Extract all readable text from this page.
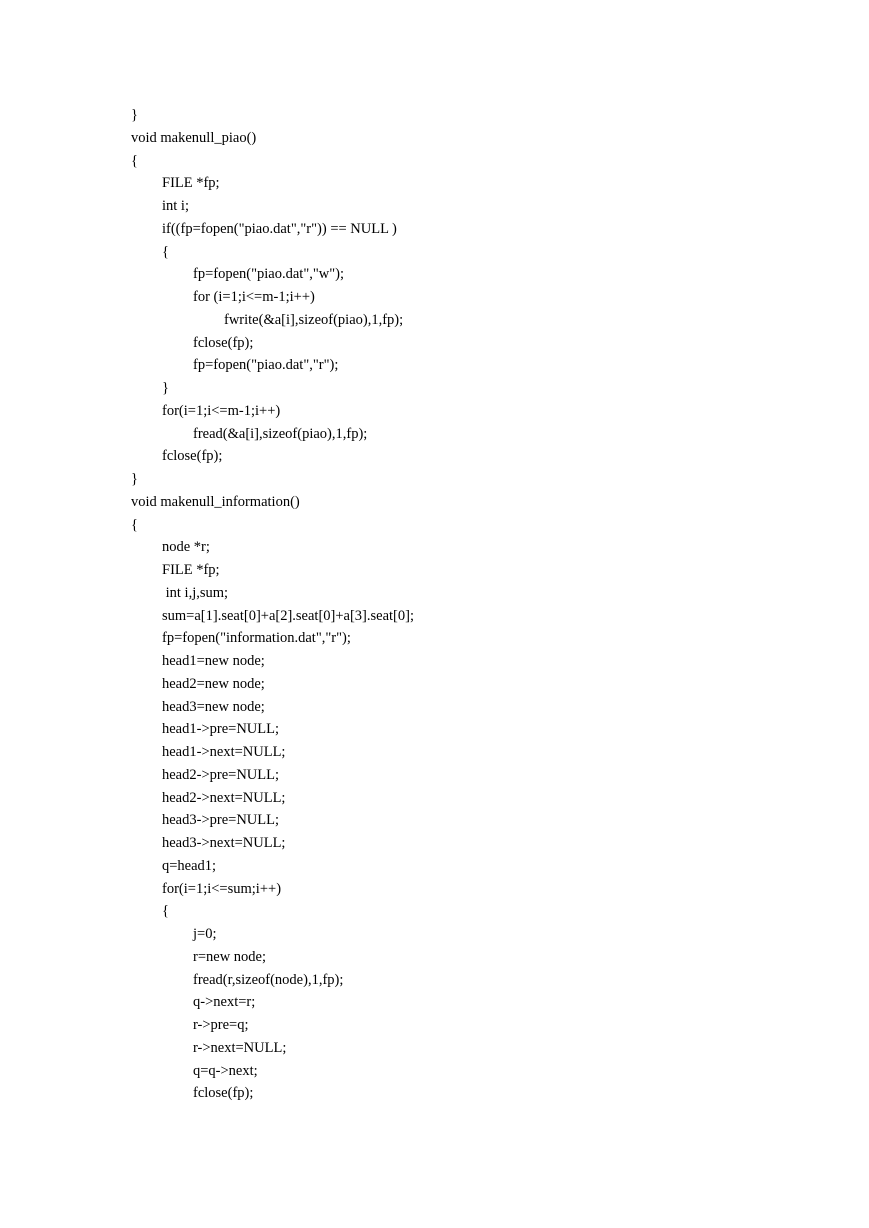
}
void makenull_piao()
{
FILE *fp;
int i;
if((fp=fopen("piao.dat","r")) == NULL )
{
fp=fopen("piao.dat","w");
for (i=1;i<=m-1;i++)
fwrite(&a[i],sizeof(piao),1,fp);
fclose(fp);
fp=fopen("piao.dat","r");
}
for(i=1;i<=m-1;i++)
fread(&a[i],sizeof(piao),1,fp);
fclose(fp);
}
void makenull_information()
{
node *r;
FILE *fp;
int i,j,sum;
sum=a[1].seat[0]+a[2].seat[0]+a[3].seat[0];
fp=fopen("information.dat","r");
head1=new node;
head2=new node;
head3=new node;
head1->pre=NULL;
head1->next=NULL;
head2->pre=NULL;
head2->next=NULL;
head3->pre=NULL;
head3->next=NULL;
q=head1;
for(i=1;i<=sum;i++)
{
j=0;
r=new node;
fread(r,sizeof(node),1,fp);
q->next=r;
r->pre=q;
r->next=NULL;
q=q->next;
fclose(fp);
